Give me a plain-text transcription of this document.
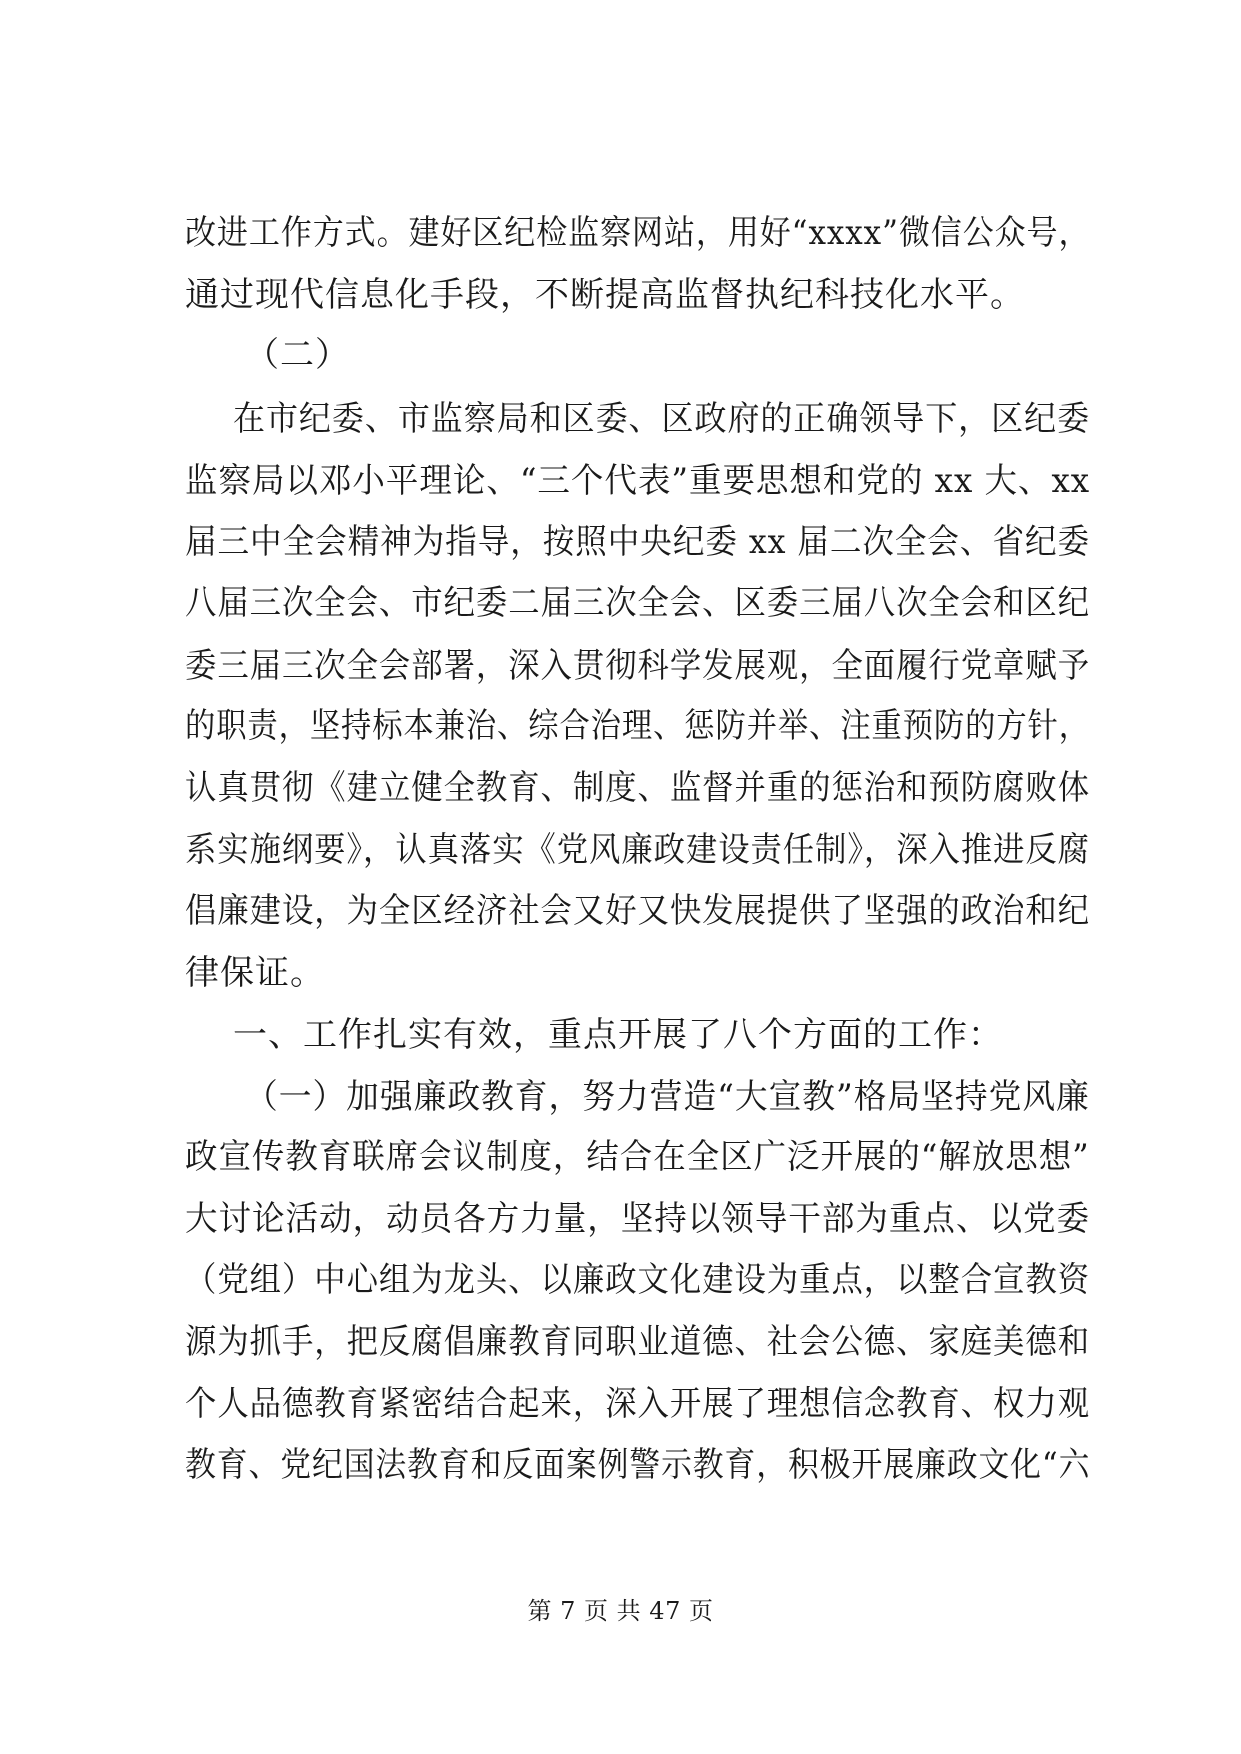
改进工作方式。建好区纪检监察网站，用好“xxxx”微信公众号，
通过现代信息化手段，不断提高监督执纪科技化水平。
（二）
在市纪委、市监察局和区委、区政府的正确领导下，区纪委
监察局以邓小平理论、“三个代表”重要思想和党的 xx 大、xx
届三中全会精神为指导，按照中央纪委 xx 届二次全会、省纪委
八届三次全会、市纪委二届三次全会、区委三届八次全会和区纪
委三届三次全会部署，深入贯彻科学发展观，全面履行党章赋予
的职责，坚持标本兼治、综合治理、惩防并举、注重预防的方针，
认真贯彻《建立健全教育、制度、监督并重的惩治和预防腐败体
系实施纲要》，认真落实《党风廉政建设责任制》，深入推进反腐
倡廉建设，为全区经济社会又好又快发展提供了坚强的政治和纪
律保证。
一、工作扎实有效，重点开展了八个方面的工作：
（一）加强廉政教育，努力营造“大宣教”格局坚持党风廉
政宣传教育联席会议制度，结合在全区广泛开展的“解放思想”
大讨论活动，动员各方力量，坚持以领导干部为重点、以党委
（党组）中心组为龙头、以廉政文化建设为重点，以整合宣教资
源为抓手，把反腐倡廉教育同职业道德、社会公德、家庭美德和
个人品德教育紧密结合起来，深入开展了理想信念教育、权力观
教育、党纪国法教育和反面案例警示教育，积极开展廉政文化“六
第 7 页 共 47 页
